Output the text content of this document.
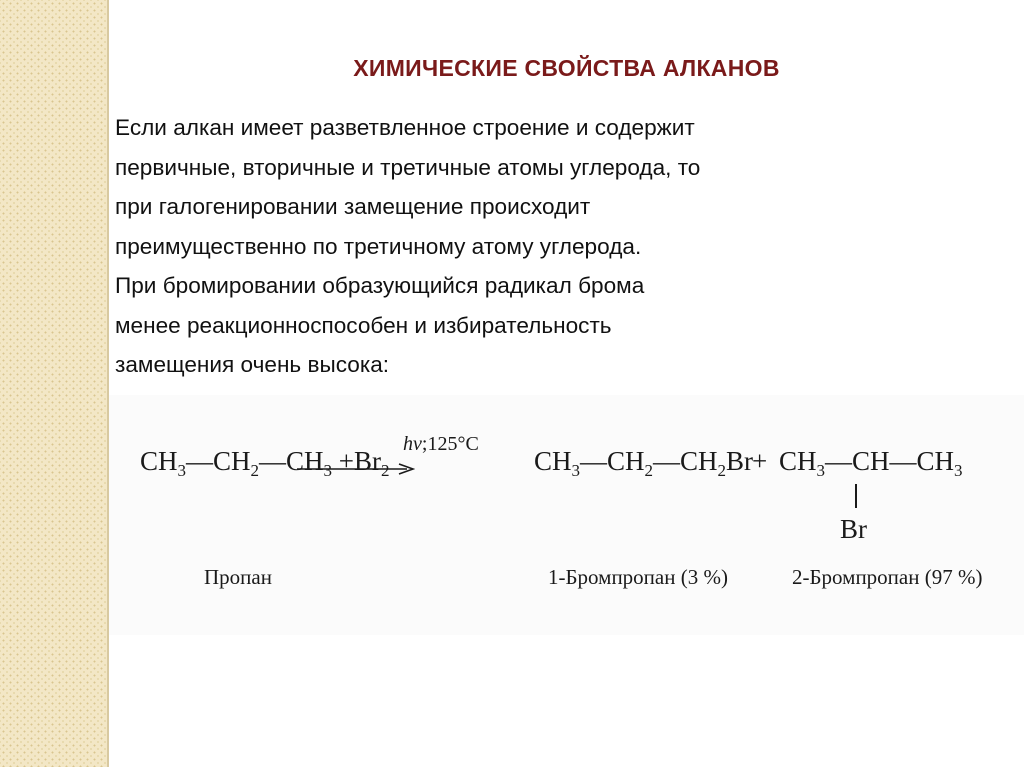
ХИМИЧЕСКИЕ СВОЙСТВА АЛКАНОВ
Если алкан имеет разветвленное строение и содержит
первичные, вторичные и третичные атомы углерода, то
при галогенировании замещение происходит
преимущественно по третичному атому углерода.
При бромировании образующийся радикал брома
менее реакционноспособен и избирательность
замещения очень высока:
$CH_3—CH_2—CH_3 +Br_2$
hv;125°C
$CH_3—CH_2—CH_2Br$
+ $CH_3—CH—CH_3$
Br
Пропан	1-Бромпропан (3 %)	2-Бромпропан (97 %)
